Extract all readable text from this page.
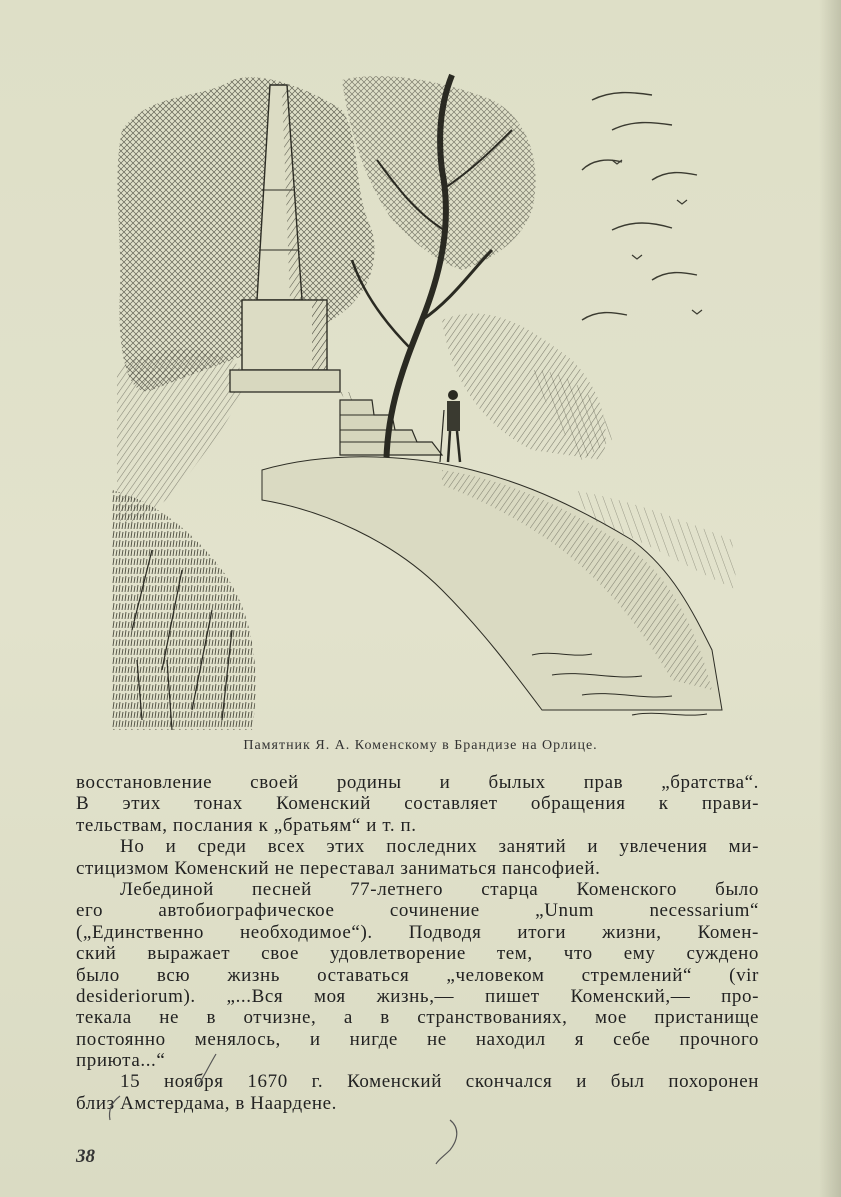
Памятник Я. А. Коменскому в Брандизе на Орлице.
восстановление своей родины и былых прав „братства“.
В этих тонах Коменский составляет обращения к прави-
тельствам, послания к „братьям“ и т. п.
Но и среди всех этих последних занятий и увлечения ми-
стицизмом Коменский не переставал заниматься пансофией.
Лебединой песней 77-летнего старца Коменского было
его автобиографическое сочинение „Unum necessarium“
(„Единственно необходимое“). Подводя итоги жизни, Комен-
ский выражает свое удовлетворение тем, что ему суждено
было всю жизнь оставаться „человеком стремлений“ (vir
desideriorum). „...Вся моя жизнь,— пишет Коменский,— про-
текала не в отчизне, а в странствованиях, мое пристанище
постоянно менялось, и нигде не находил я себе прочного
приюта...“
15 ноября 1670 г. Коменский скончался и был похоронен
близ Амстердама, в Наардене.
38
